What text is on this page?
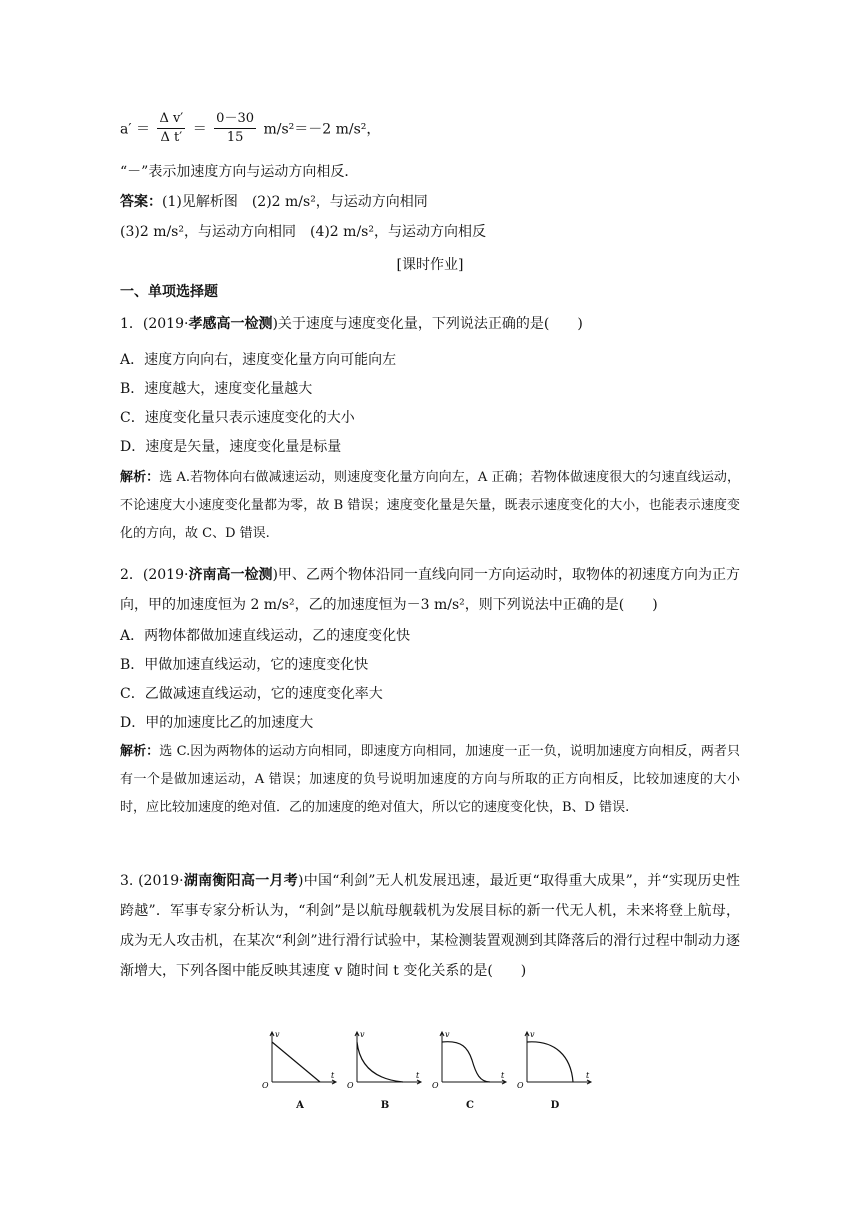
$a' = \frac{\text{Δ v′}}{\text{Δ t′}} = \frac{0-30}{15} m/s^2=-2$ m/s²，
“－”表示加速度方向与运动方向相反．
答案：(1)见解析图　(2)2 m/s²，与运动方向相同
(3)2 m/s²，与运动方向相同　(4)2 m/s²，与运动方向相反
[课时作业]
一、单项选择题
1．(2019·孝感高一检测)关于速度与速度变化量，下列说法正确的是(　　)
A．速度方向向右，速度变化量方向可能向左
B．速度越大，速度变化量越大
C．速度变化量只表示速度变化的大小
D．速度是矢量，速度变化量是标量
解析：选 A.若物体向右做减速运动，则速度变化量方向向左，A 正确；若物体做速度很大的匀速直线运动，不论速度大小速度变化量都为零，故 B 错误；速度变化量是矢量，既表示速度变化的大小，也能表示速度变化的方向，故 C、D 错误.
2．(2019·济南高一检测)甲、乙两个物体沿同一直线向同一方向运动时，取物体的初速度方向为正方向，甲的加速度恒为 2 m/s²，乙的加速度恒为－3 m/s²，则下列说法中正确的是(　　)
A．两物体都做加速直线运动，乙的速度变化快
B．甲做加速直线运动，它的速度变化快
C．乙做减速直线运动，它的速度变化率大
D．甲的加速度比乙的加速度大
解析：选 C.因为两物体的运动方向相同，即速度方向相同，加速度一正一负，说明加速度方向相反，两者只有一个是做加速运动，A 错误；加速度的负号说明加速度的方向与所取的正方向相反，比较加速度的大小时，应比较加速度的绝对值．乙的加速度的绝对值大，所以它的速度变化快，B、D 错误.
3. (2019·湖南衡阳高一月考)中国“利剑”无人机发展迅速，最近更“取得重大成果”，并“实现历史性跨越”．军事专家分析认为，“利剑”是以航母舰载机为发展目标的新一代无人机，未来将登上航母，成为无人攻击机，在某次“利剑”进行滑行试验中，某检测装置观测到其降落后的滑行过程中制动力逐渐增大，下列各图中能反映其速度 v 随时间 t 变化关系的是(　　)
v
t
O
A
v
t
O
B
v
t
O
C
v
t
O
D
